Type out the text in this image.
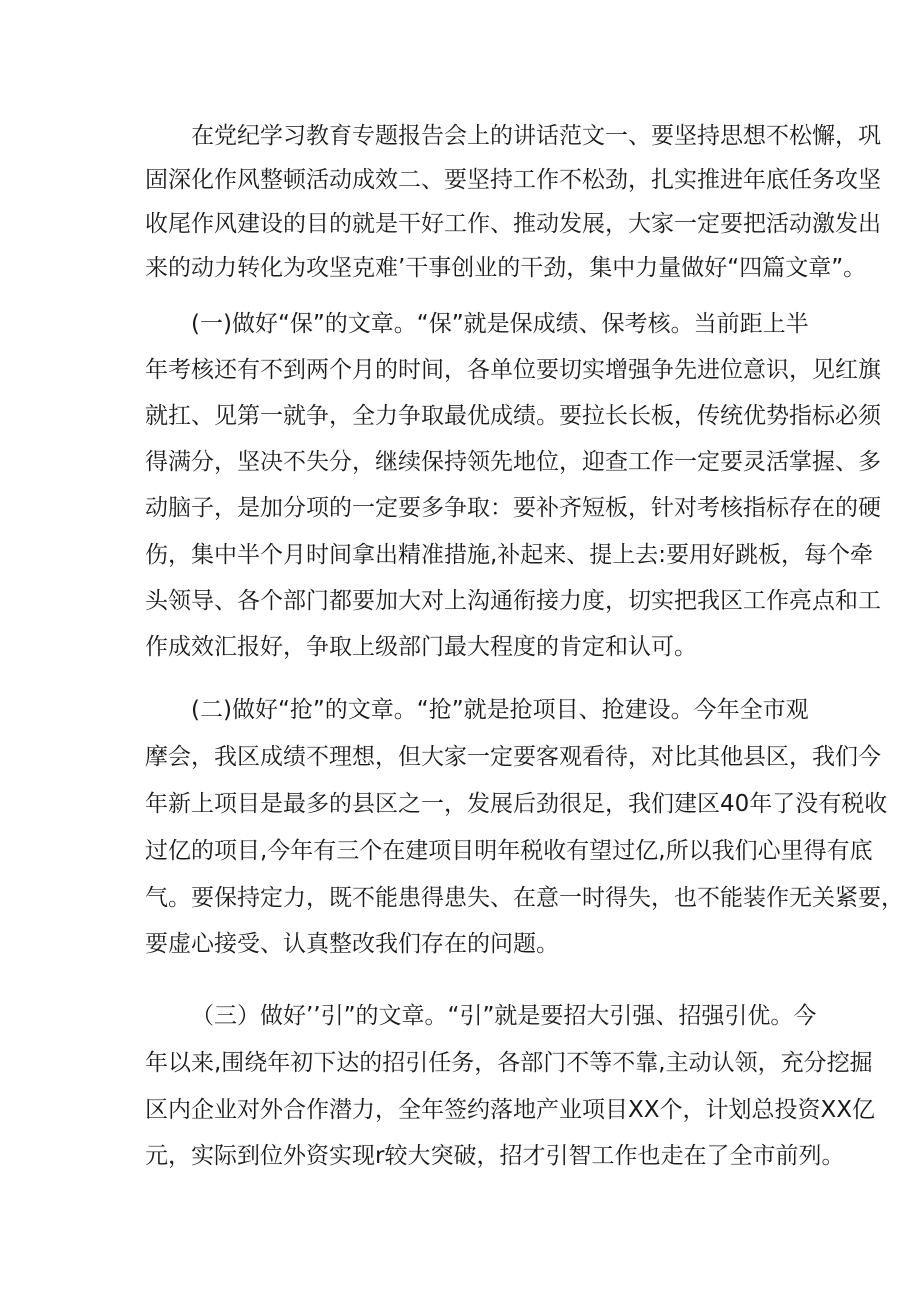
在党纪学习教育专题报告会上的讲话范文一、要坚持思想不松懈，巩
固深化作风整顿活动成效二、要坚持工作不松劲，扎实推进年底任务攻坚
收尾作风建设的目的就是干好工作、推动发展，大家一定要把活动激发出
来的动力转化为攻坚克难’干事创业的干劲，集中力量做好“四篇文章”。
(一)做好“保”的文章。“保”就是保成绩、保考核。当前距上半
年考核还有不到两个月的时间，各单位要切实增强争先进位意识，见红旗
就扛、见第一就争，全力争取最优成绩。要拉长长板，传统优势指标必须
得满分，坚决不失分，继续保持领先地位，迎查工作一定要灵活掌握、多
动脑子，是加分项的一定要多争取：要补齐短板，针对考核指标存在的硬
伤，集中半个月时间拿出精准措施,补起来、提上去:要用好跳板，每个牵
头领导、各个部门都要加大对上沟通衔接力度，切实把我区工作亮点和工
作成效汇报好，争取上级部门最大程度的肯定和认可。
(二)做好“抢”的文章。“抢”就是抢项目、抢建设。今年全市观
摩会，我区成绩不理想，但大家一定要客观看待，对比其他县区，我们今
年新上项目是最多的县区之一，发展后劲很足，我们建区40年了没有税收
过亿的项目,今年有三个在建项目明年税收有望过亿,所以我们心里得有底
气。要保持定力，既不能患得患失、在意一时得失，也不能装作无关紧要，
要虚心接受、认真整改我们存在的问题。
（三）做好’’引”的文章。“引”就是要招大引强、招强引优。今
年以来,围绕年初下达的招引任务，各部门不等不靠,主动认领，充分挖掘
区内企业对外合作潜力，全年签约落地产业项目XX个，计划总投资XX亿
元，实际到位外资实现r较大突破，招才引智工作也走在了全市前列。
